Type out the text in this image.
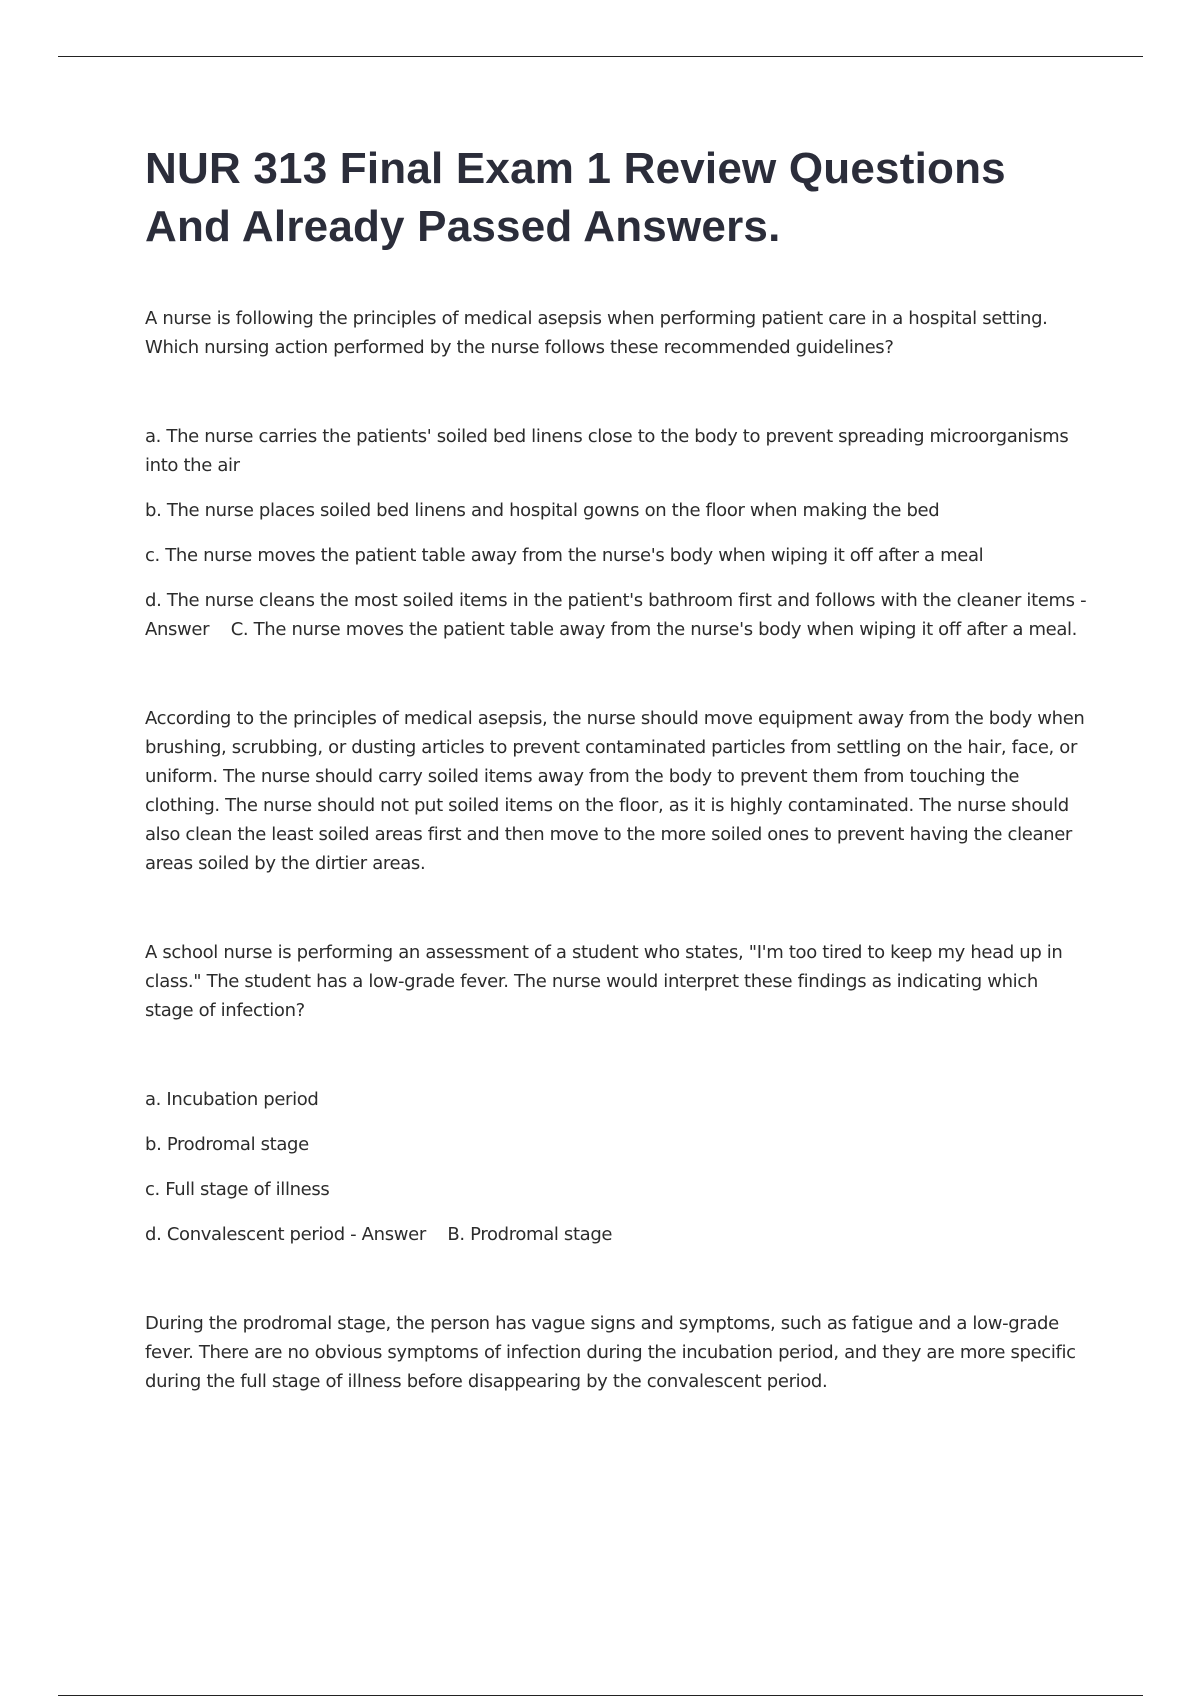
NUR 313 Final Exam 1 Review Questions
And Already Passed Answers.

A nurse is following the principles of medical asepsis when performing patient care in a hospital setting. Which nursing action performed by the nurse follows these recommended guidelines?

a. The nurse carries the patients' soiled bed linens close to the body to prevent spreading microorganisms into the air

b. The nurse places soiled bed linens and hospital gowns on the floor when making the bed

c. The nurse moves the patient table away from the nurse's body when wiping it off after a meal

d. The nurse cleans the most soiled items in the patient's bathroom first and follows with the cleaner items - Answer C. The nurse moves the patient table away from the nurse's body when wiping it off after a meal.

According to the principles of medical asepsis, the nurse should move equipment away from the body when brushing, scrubbing, or dusting articles to prevent contaminated particles from settling on the hair, face, or uniform. The nurse should carry soiled items away from the body to prevent them from touching the clothing. The nurse should not put soiled items on the floor, as it is highly contaminated. The nurse should also clean the least soiled areas first and then move to the more soiled ones to prevent having the cleaner areas soiled by the dirtier areas.

A school nurse is performing an assessment of a student who states, "I'm too tired to keep my head up in class." The student has a low-grade fever. The nurse would interpret these findings as indicating which stage of infection?

a. Incubation period

b. Prodromal stage

c. Full stage of illness

d. Convalescent period - Answer B. Prodromal stage

During the prodromal stage, the person has vague signs and symptoms, such as fatigue and a low-grade fever. There are no obvious symptoms of infection during the incubation period, and they are more specific during the full stage of illness before disappearing by the convalescent period.
